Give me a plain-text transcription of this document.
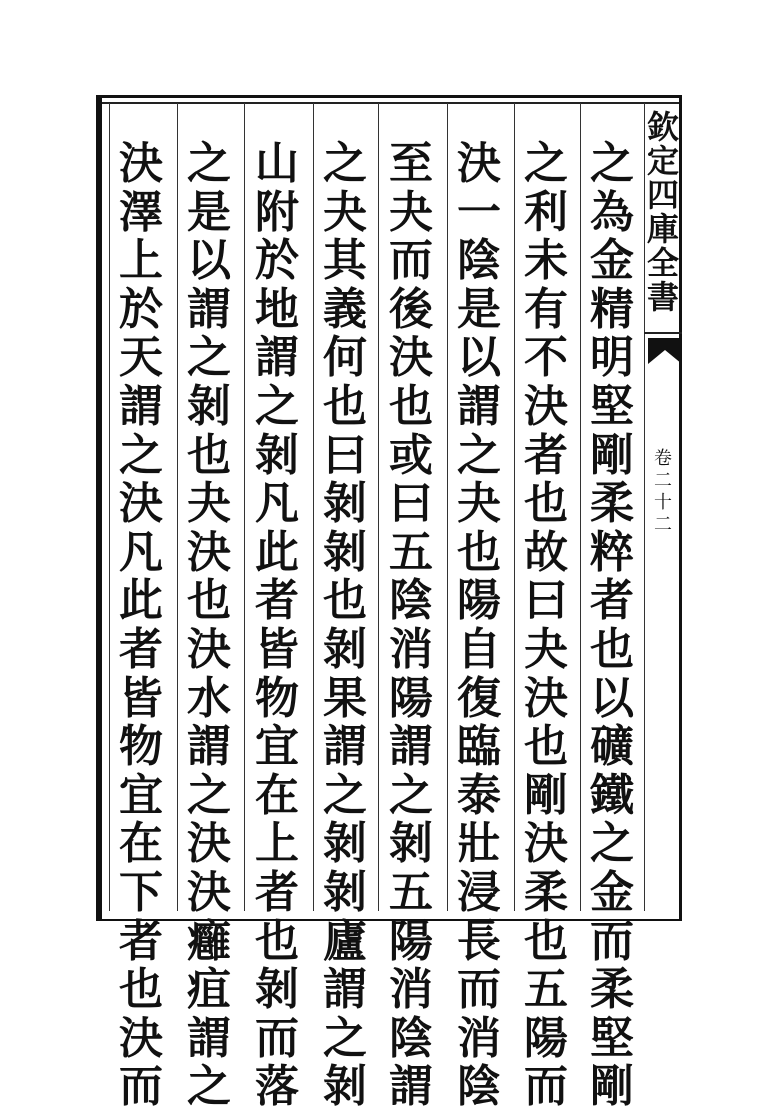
欽
定
四
庫
全
書
卷
二
十
二
之
為
金
精
明
堅
剛
柔
粹
者
也
以
礦
鐵
之
金
而
柔
堅
剛
之
利
未
有
不
決
者
也
故
曰
夬
決
也
剛
決
柔
也
五
陽
而
決
一
陰
是
以
謂
之
夬
也
陽
自
復
臨
泰
壯
浸
長
而
消
陰
至
夬
而
後
決
也
或
曰
五
陰
消
陽
謂
之
剝
五
陽
消
陰
謂
之
夬
其
義
何
也
曰
剝
剝
也
剝
果
謂
之
剝
剝
廬
謂
之
剝
山
附
於
地
謂
之
剝
凡
此
者
皆
物
宜
在
上
者
也
剝
而
落
之
是
以
謂
之
剝
也
夬
決
也
決
水
謂
之
決
決
癰
疽
謂
之
決
澤
上
於
天
謂
之
決
凡
此
者
皆
物
宜
在
下
者
也
決
而
